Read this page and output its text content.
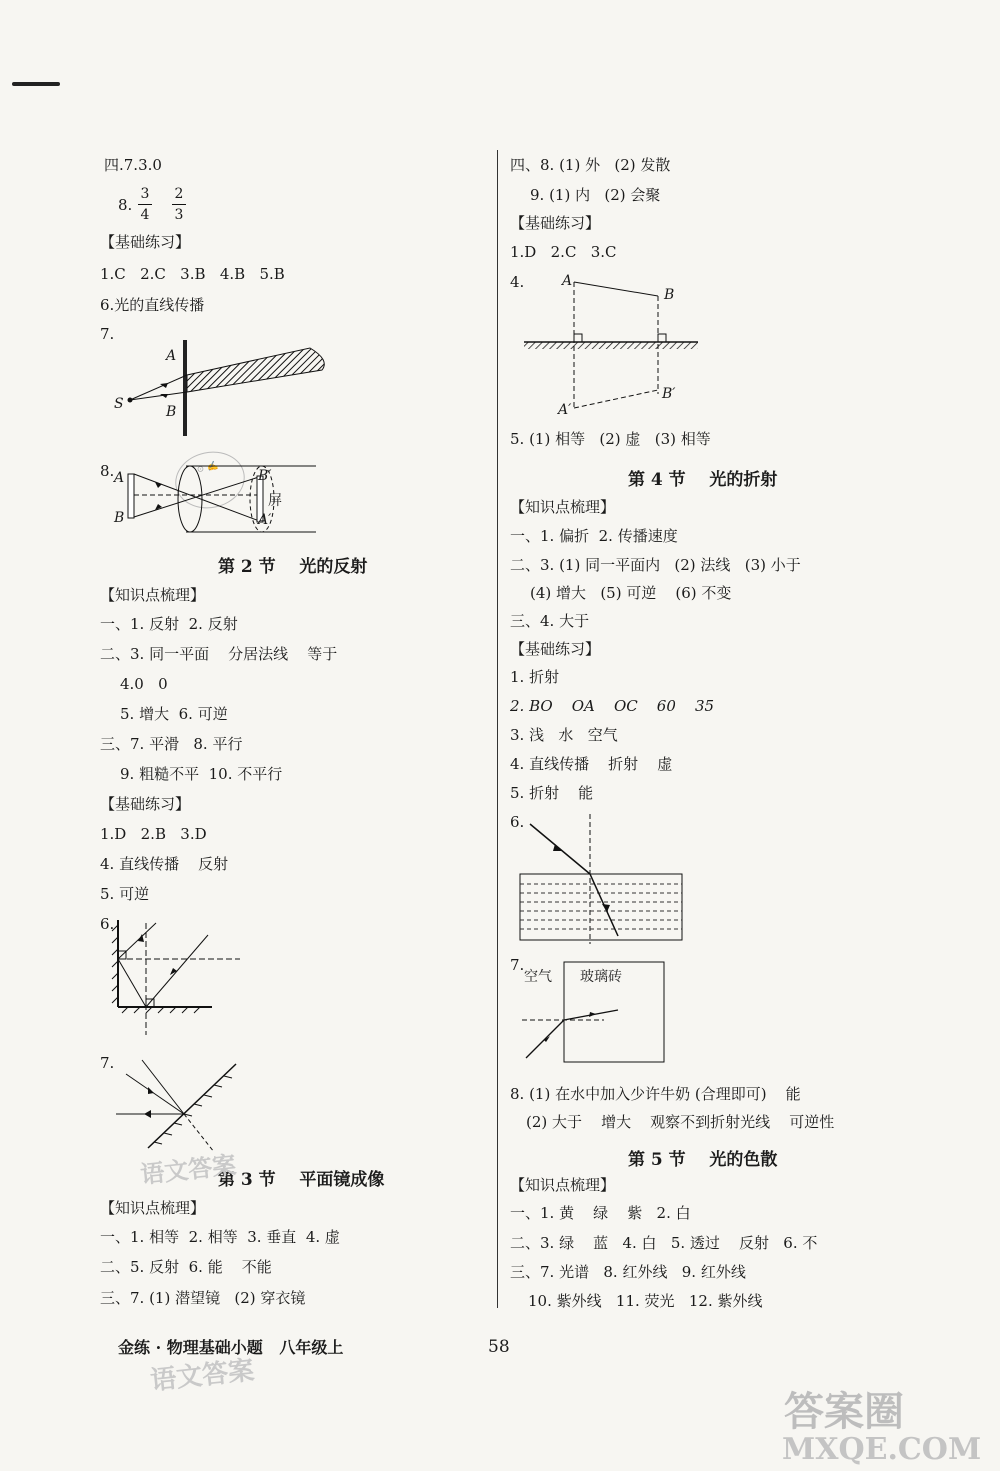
四.7.3.0
8.
3
4
2
3
【基础练习】
1.C   2.C   3.B   4.B   5.B
6.光的直线传播
7.
A
B
S
⊙ ✍
8. A
B
B′
A′
屏
第 2 节    光的反射
【知识点梳理】
一、1. 反射  2. 反射
二、3. 同一平面    分居法线    等于
4.0   0
5. 增大  6. 可逆
三、7. 平滑   8. 平行
9. 粗糙不平  10. 不平行
【基础练习】
1.D   2.B   3.D
4. 直线传播    反射
5. 可逆
6.
7.
第 3 节    平面镜成像
【知识点梳理】
一、1. 相等  2. 相等  3. 垂直  4. 虚
二、5. 反射  6. 能    不能
三、7. (1) 潜望镜   (2) 穿衣镜
四、8. (1) 外   (2) 发散
9. (1) 内   (2) 会聚
【基础练习】
1.D   2.C   3.C
4.	A
B
A′
B′
5. (1) 相等   (2) 虚   (3) 相等
第 4 节    光的折射
【知识点梳理】
一、1. 偏折  2. 传播速度
二、3. (1) 同一平面内   (2) 法线   (3) 小于
(4) 增大   (5) 可逆    (6) 不变
三、4. 大于
【基础练习】
1. 折射
2. BO    OA    OC    60    35
3. 浅   水   空气
4. 直线传播    折射    虚
5. 折射    能
6.
7.
空气 玻璃砖
8. (1) 在水中加入少许牛奶 (合理即可)    能
(2) 大于    增大    观察不到折射光线    可逆性
第 5 节    光的色散
【知识点梳理】
一、1. 黄    绿    紫   2. 白
二、3. 绿    蓝   4. 白   5. 透过    反射   6. 不
三、7. 光谱   8. 红外线   9. 红外线
10. 紫外线   11. 荧光   12. 紫外线
金练 · 物理基础小题   八年级上	58
语文答案
语文答案
答案圈
MXQE.COM
